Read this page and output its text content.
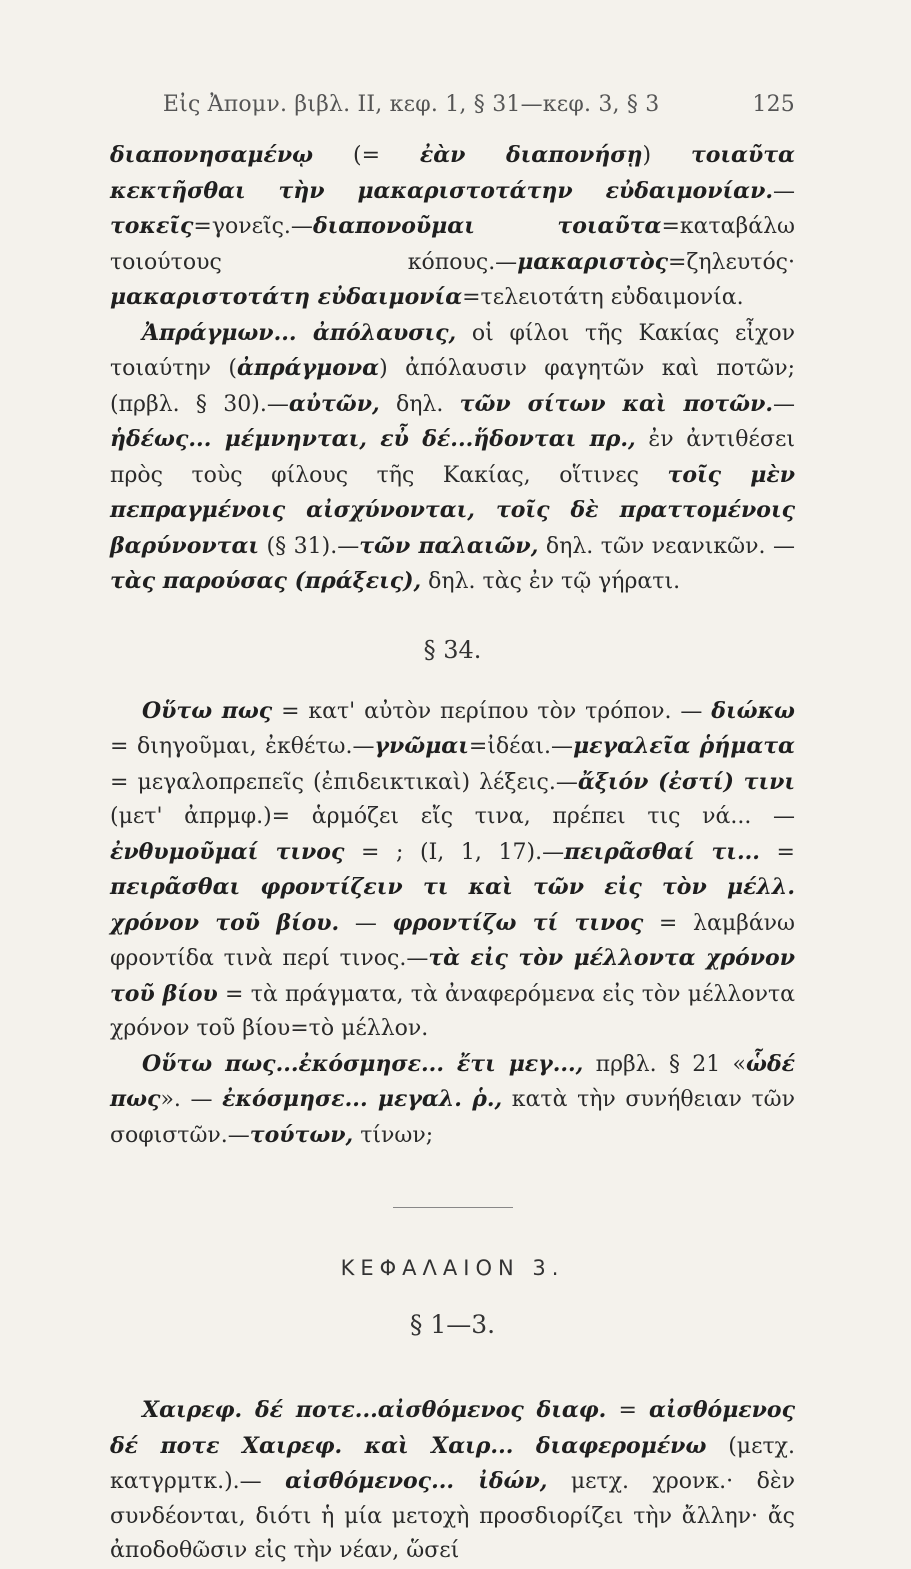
Εἰς Ἀπομν. βιβλ. II, κεφ. 1, § 31—κεφ. 3, § 3	125

διαπονησαμένῳ (= ἐὰν διαπονήσῃ) τοιαῦτα κεκτῆσθαι τὴν μακαριστοτάτην εὐδαιμονίαν.—τοκεῖς=γονεῖς.—διαπονοῦμαι τοιαῦτα=καταβάλω τοιούτους κόπους.—μακαριστὸς=ζηλευτός· μακαριστοτάτη εὐδαιμονία=τελειοτάτη εὐδαιμονία.

Ἀπράγμων... ἀπόλαυσις, οἱ φίλοι τῆς Κακίας εἶχον τοιαύτην (ἀπράγμονα) ἀπόλαυσιν φαγητῶν καὶ ποτῶν; (πρβλ. § 30).—αὐτῶν, δηλ. τῶν σίτων καὶ ποτῶν.—ἡδέως... μέμνηνται, εὖ δέ...ἥδονται πρ., ἐν ἀντιθέσει πρὸς τοὺς φίλους τῆς Κακίας, οἵτινες τοῖς μὲν πεπραγμένοις αἰσχύνονται, τοῖς δὲ πραττομένοις βαρύνονται (§ 31).—τῶν παλαιῶν, δηλ. τῶν νεανικῶν. —τὰς παρούσας (πράξεις), δηλ. τὰς ἐν τῷ γήρατι.

§ 34.

Οὕτω πως = κατ' αὐτὸν περίπου τὸν τρόπον. — διώκω = διηγοῦμαι, ἐκθέτω.—γνῶμαι=ἰδέαι.—μεγαλεῖα ῥήματα = μεγαλοπρεπεῖς (ἐπιδεικτικαὶ) λέξεις.—ἄξιόν (ἐστί) τινι (μετ' ἀπρμφ.)= ἁρμόζει εἴς τινα, πρέπει τις νά... — ἐνθυμοῦμαί τινος = ; (I, 1, 17).—πειρᾶσθαί τι... = πειρᾶσθαι φροντίζειν τι καὶ τῶν εἰς τὸν μέλλ. χρόνον τοῦ βίου. — φροντίζω τί τινος = λαμβάνω φροντίδα τινὰ περί τινος.—τὰ εἰς τὸν μέλλοντα χρόνον τοῦ βίου = τὰ πράγματα, τὰ ἀναφερόμενα εἰς τὸν μέλλοντα χρόνον τοῦ βίου=τὸ μέλλον.

Οὕτω πως...ἐκόσμησε... ἔτι μεγ..., πρβλ. § 21 «ὧδέ πως». — ἐκόσμησε... μεγαλ. ῥ., κατὰ τὴν συνήθειαν τῶν σοφιστῶν.—τούτων, τίνων;

ΚΕΦΑΛΑΙΟΝ 3.
§ 1—3.

Χαιρεφ. δέ ποτε...αἰσθόμενος διαφ. = αἰσθόμενος δέ ποτε Χαιρεφ. καὶ Χαιρ... διαφερομένω (μετχ. κατγρμτκ.).— αἰσθόμενος... ἰδών, μετχ. χρονκ.· δὲν συνδέονται, διότι ἡ μία μετοχὴ προσδιορίζει τὴν ἄλλην· ἄς ἀποδοθῶσιν εἰς τὴν νέαν, ὥσεί
